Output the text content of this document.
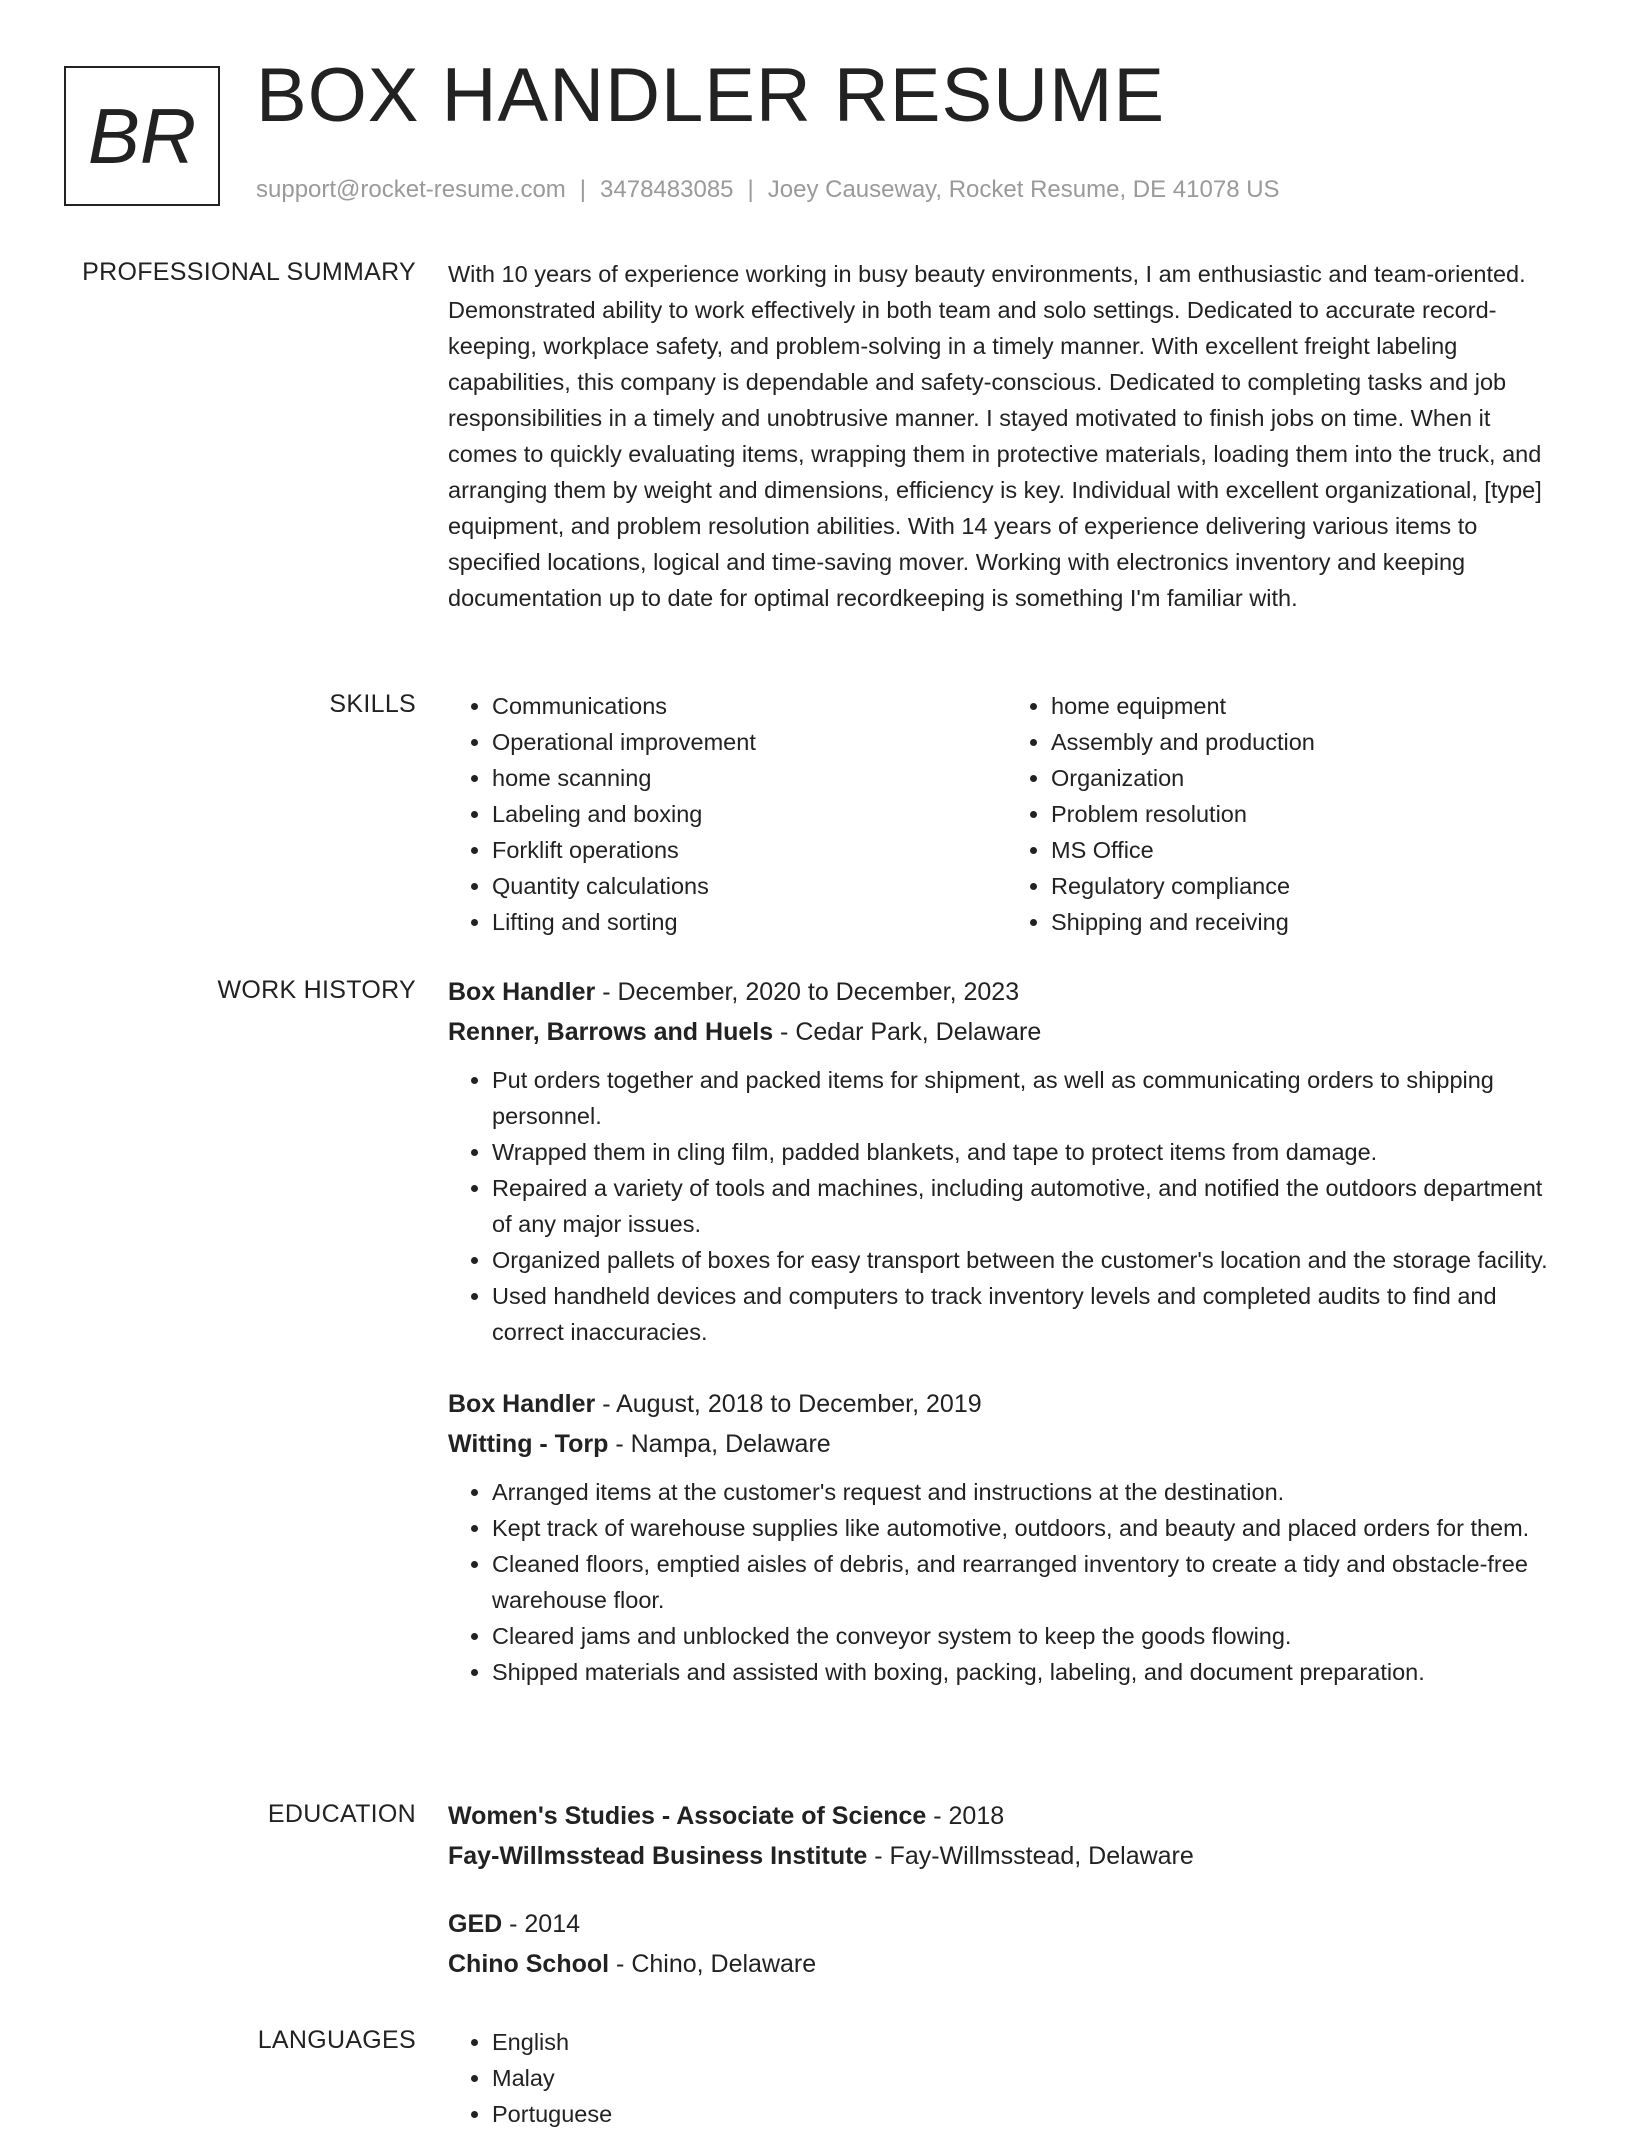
BR BOX HANDLER RESUME
support@rocket-resume.com | 3478483085 | Joey Causeway, Rocket Resume, DE 41078 US
PROFESSIONAL SUMMARY With 10 years of experience working in busy beauty environments, I am enthusiastic and team-oriented. Demonstrated ability to work effectively in both team and solo settings. Dedicated to accurate record-keeping, workplace safety, and problem-solving in a timely manner. With excellent freight labeling capabilities, this company is dependable and safety-conscious. Dedicated to completing tasks and job responsibilities in a timely and unobtrusive manner. I stayed motivated to finish jobs on time. When it comes to quickly evaluating items, wrapping them in protective materials, loading them into the truck, and arranging them by weight and dimensions, efficiency is key. Individual with excellent organizational, [type] equipment, and problem resolution abilities. With 14 years of experience delivering various items to specified locations, logical and time-saving mover. Working with electronics inventory and keeping documentation up to date for optimal recordkeeping is something I'm familiar with.

SKILLS	• Communications
• Operational improvement
• home scanning
• Labeling and boxing
• Forklift operations
• Quantity calculations
• Lifting and sorting
• home equipment
• Assembly and production
• Organization
• Problem resolution
• MS Office
• Regulatory compliance
• Shipping and receiving
WORK HISTORY Box Handler - December, 2020 to December, 2023
Renner, Barrows and Huels - Cedar Park, Delaware
• Put orders together and packed items for shipment, as well as communicating orders to shipping personnel.
• Wrapped them in cling film, padded blankets, and tape to protect items from damage.
• Repaired a variety of tools and machines, including automotive, and notified the outdoors department of any major issues.
• Organized pallets of boxes for easy transport between the customer's location and the storage facility.
• Used handheld devices and computers to track inventory levels and completed audits to find and correct inaccuracies.
Box Handler - August, 2018 to December, 2019
Witting - Torp - Nampa, Delaware
• Arranged items at the customer's request and instructions at the destination.
• Kept track of warehouse supplies like automotive, outdoors, and beauty and placed orders for them.
• Cleaned floors, emptied aisles of debris, and rearranged inventory to create a tidy and obstacle-free warehouse floor.
• Cleared jams and unblocked the conveyor system to keep the goods flowing.
• Shipped materials and assisted with boxing, packing, labeling, and document preparation.
EDUCATION Women's Studies - Associate of Science - 2018
Fay-Willmsstead Business Institute - Fay-Willmsstead, Delaware
GED - 2014
Chino School - Chino, Delaware
LANGUAGES	• English
• Malay
• Portuguese
